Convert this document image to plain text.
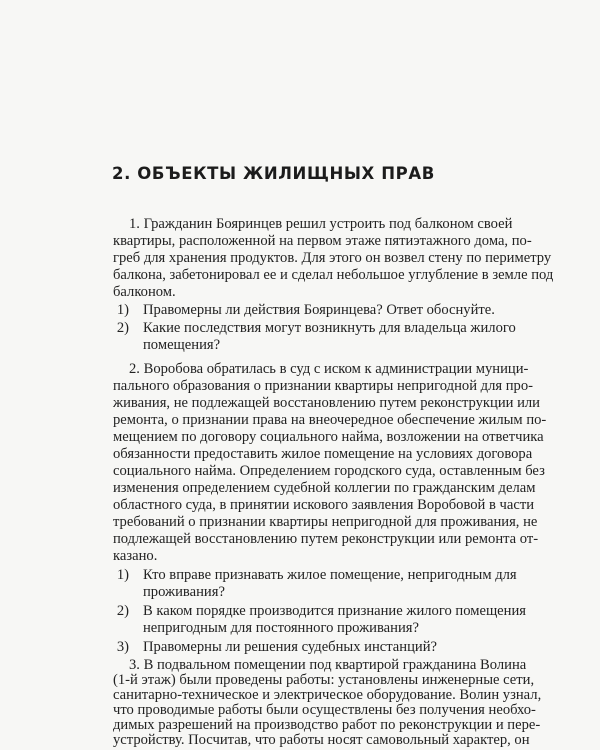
2. ОБЪЕКТЫ ЖИЛИЩНЫХ ПРАВ
1. Гражданин Бояринцев решил устроить под балконом своей
квартиры, расположенной на первом этаже пятиэтажного дома, по-
греб для хранения продуктов. Для этого он возвел стену по периметру
балкона, забетонировал ее и сделал небольшое углубление в земле под
балконом.
1) Правомерны ли действия Бояринцева? Ответ обоснуйте.
2) Какие последствия могут возникнуть для владельца жилого
помещения?
2. Воробова обратилась в суд с иском к администрации муници-
пального образования о признании квартиры непригодной для про-
живания, не подлежащей восстановлению путем реконструкции или
ремонта, о признании права на внеочередное обеспечение жилым по-
мещением по договору социального найма, возложении на ответчика
обязанности предоставить жилое помещение на условиях договора
социального найма. Определением городского суда, оставленным без
изменения определением судебной коллегии по гражданским делам
областного суда, в принятии искового заявления Воробовой в части
требований о признании квартиры непригодной для проживания, не
подлежащей восстановлению путем реконструкции или ремонта от-
казано.
1) Кто вправе признавать жилое помещение, непригодным для
проживания?
2) В каком порядке производится признание жилого помещения
непригодным для постоянного проживания?
3) Правомерны ли решения судебных инстанций?
3. В подвальном помещении под квартирой гражданина Волина
(1-й этаж) были проведены работы: установлены инженерные сети,
санитарно-техническое и электрическое оборудование. Волин узнал,
что проводимые работы были осуществлены без получения необхо-
димых разрешений на производство работ по реконструкции и пере-
устройству. Посчитав, что работы носят самовольный характер, он
